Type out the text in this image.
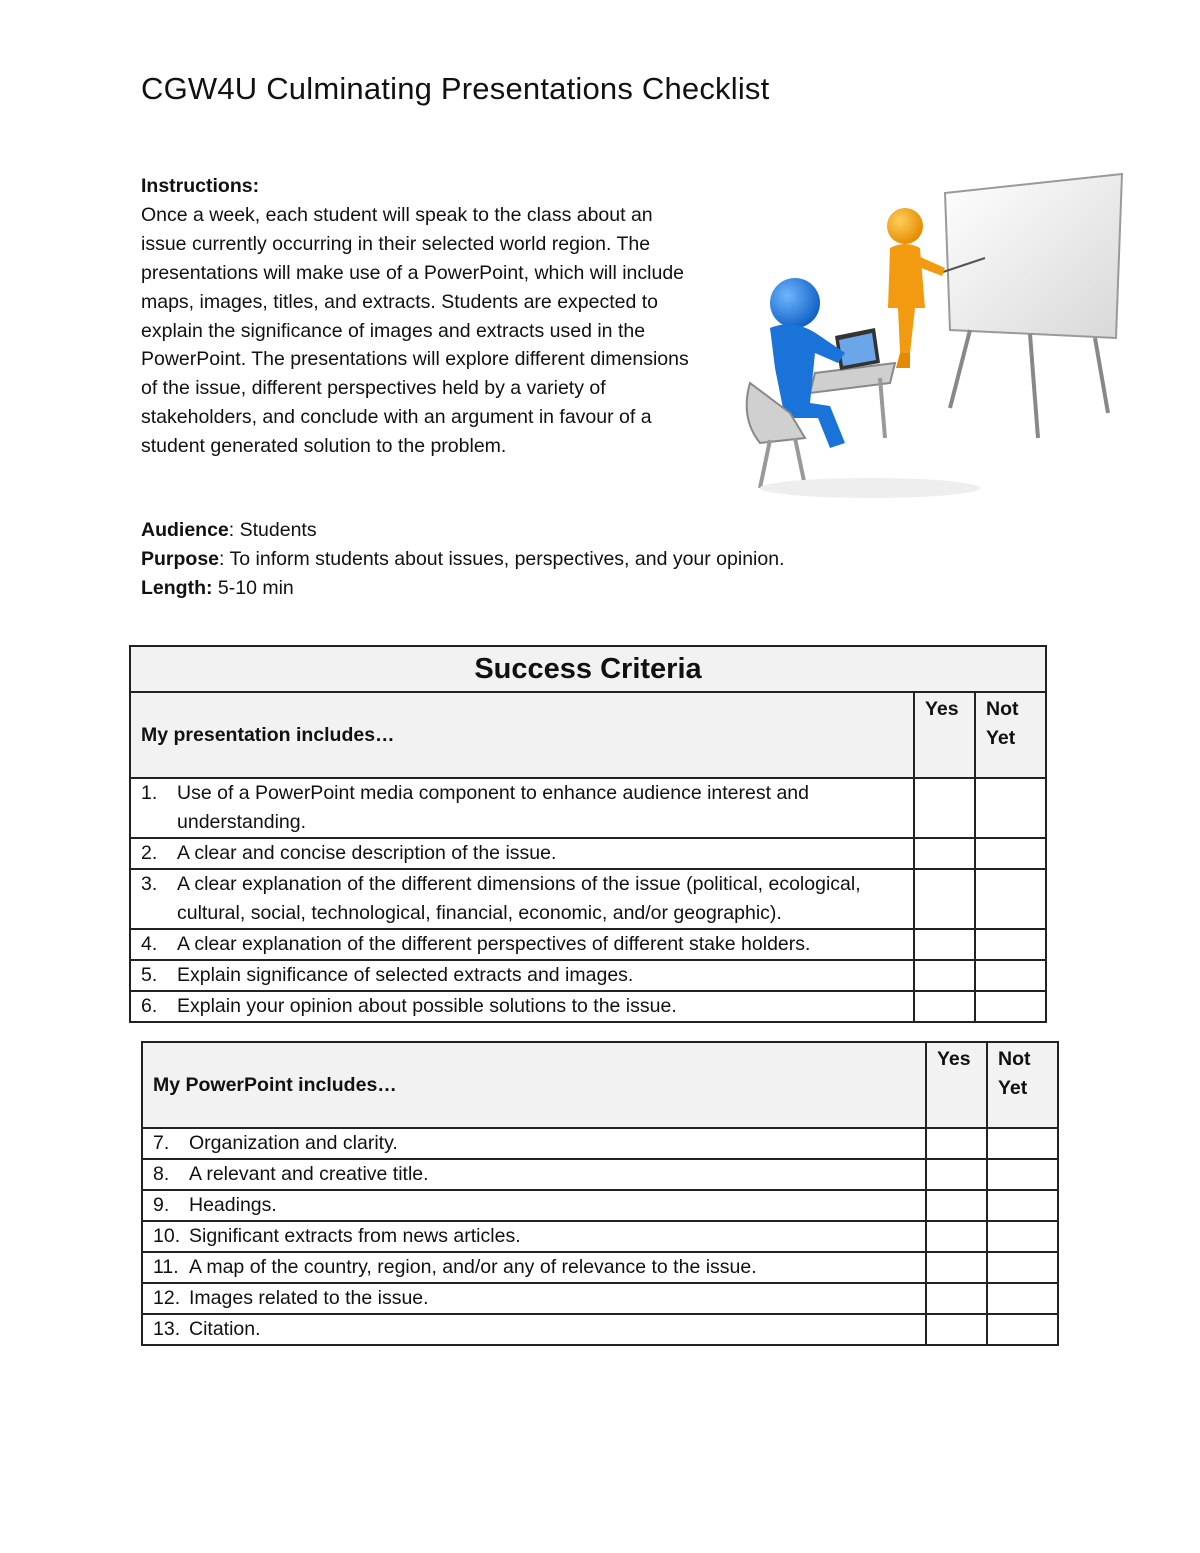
CGW4U Culminating Presentations Checklist
Instructions:
Once a week, each student will speak to the class about an issue currently occurring in their selected world region. The presentations will make use of a PowerPoint, which will include maps, images, titles, and extracts. Students are expected to explain the significance of images and extracts used in the PowerPoint. The presentations will explore different dimensions of the issue, different perspectives held by a variety of stakeholders, and conclude with an argument in favour of a student generated solution to the problem.
Audience: Students
Purpose: To inform students about issues, perspectives, and your opinion.
Length: 5-10 min
Success Criteria		
My presentation includes…	Yes	Not Yet

1. Use of a PowerPoint media component to enhance audience interest and understanding.		

2. A clear and concise description of the issue.		

3. A clear explanation of the different dimensions of the issue (political, ecological, cultural, social, technological, financial, economic, and/or geographic).		

4. A clear explanation of the different perspectives of different stake holders.		

5. Explain significance of selected extracts and images.		

6. Explain your opinion about possible solutions to the issue.		

My PowerPoint includes…	Yes	Not Yet

7. Organization and clarity.		

8. A relevant and creative title.		

9. Headings.		

10. Significant extracts from news articles.		

11. A map of the country, region, and/or any of relevance to the issue.		

12. Images related to the issue.		

13. Citation.		
